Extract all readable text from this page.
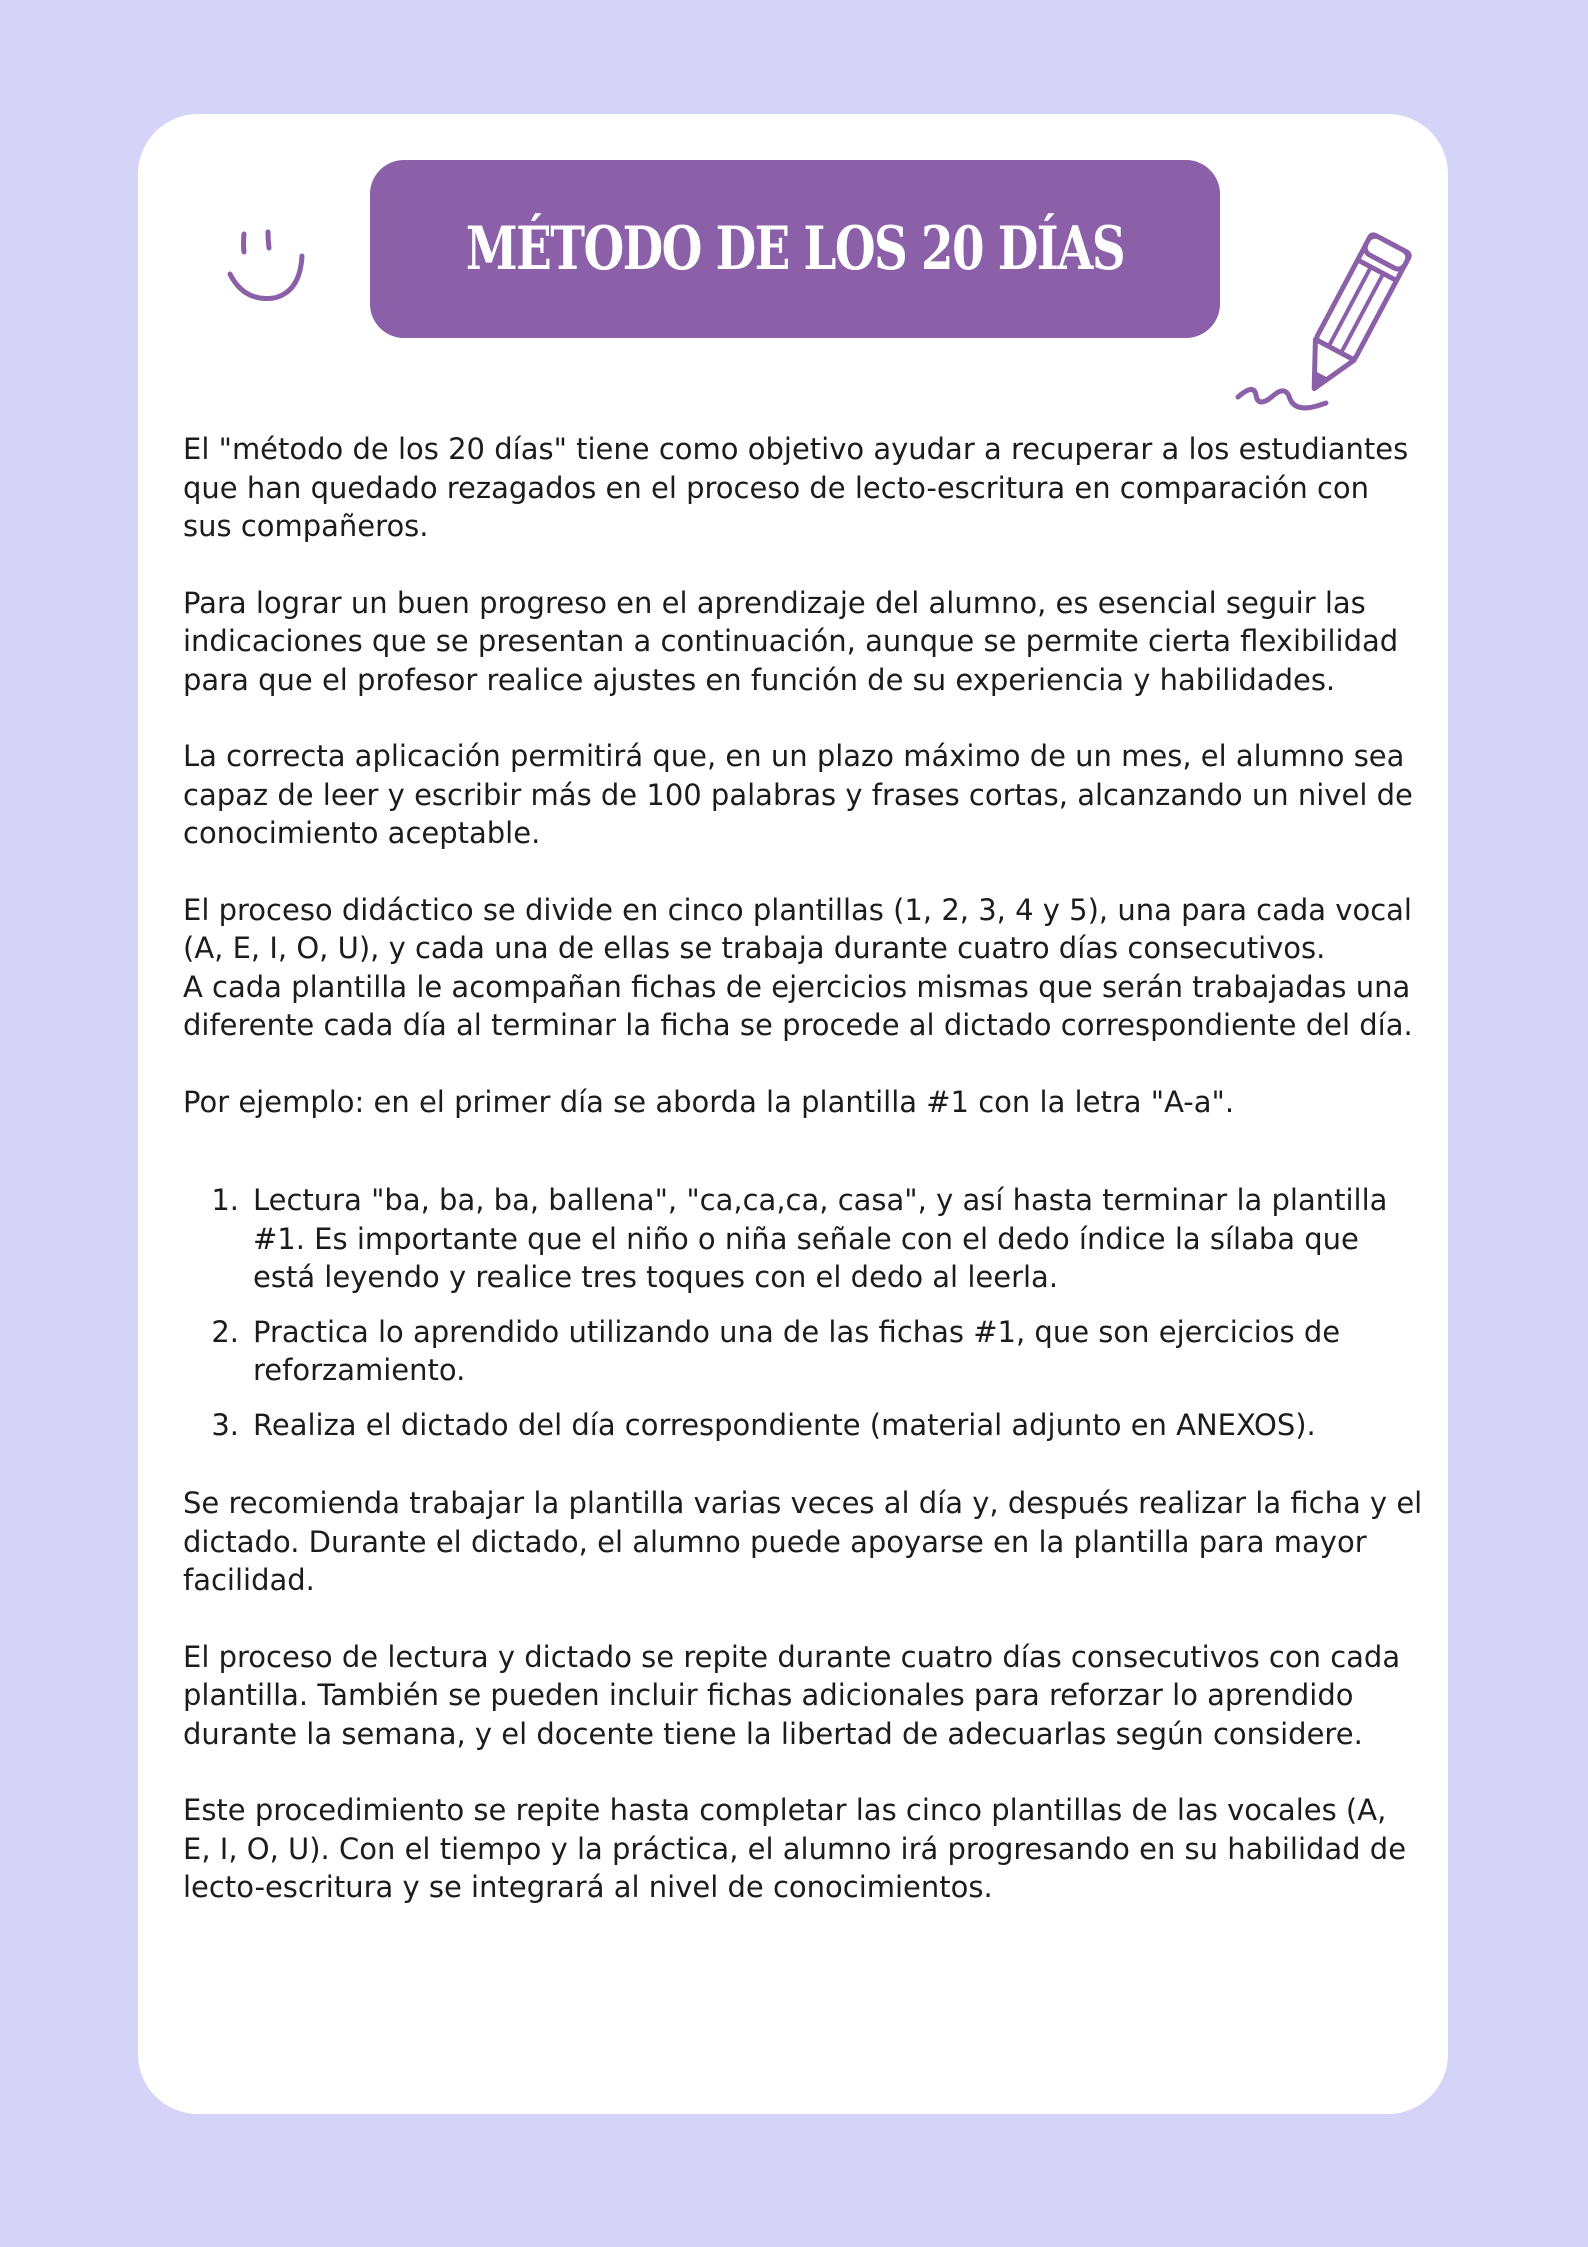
MÉTODO DE LOS 20 DÍAS

El "método de los 20 días" tiene como objetivo ayudar a recuperar a los estudiantes que han quedado rezagados en el proceso de lecto-escritura en comparación con sus compañeros.

Para lograr un buen progreso en el aprendizaje del alumno, es esencial seguir las indicaciones que se presentan a continuación, aunque se permite cierta flexibilidad para que el profesor realice ajustes en función de su experiencia y habilidades.

La correcta aplicación permitirá que, en un plazo máximo de un mes, el alumno sea capaz de leer y escribir más de 100 palabras y frases cortas, alcanzando un nivel de conocimiento aceptable.

El proceso didáctico se divide en cinco plantillas (1, 2, 3, 4 y 5), una para cada vocal (A, E, I, O, U), y cada una de ellas se trabaja durante cuatro días consecutivos.

A cada plantilla le acompañan fichas de ejercicios mismas que serán trabajadas una diferente cada día al terminar la ficha se procede al dictado correspondiente del día.

Por ejemplo: en el primer día se aborda la plantilla #1 con la letra "A-a".

1. Lectura "ba, ba, ba, ballena", "ca,ca,ca, casa", y así hasta terminar la plantilla #1. Es importante que el niño o niña señale con el dedo índice la sílaba que está leyendo y realice tres toques con el dedo al leerla.
2. Practica lo aprendido utilizando una de las fichas #1, que son ejercicios de reforzamiento.
3. Realiza el dictado del día correspondiente (material adjunto en ANEXOS).

Se recomienda trabajar la plantilla varias veces al día y, después realizar la ficha y el dictado. Durante el dictado, el alumno puede apoyarse en la plantilla para mayor facilidad.

El proceso de lectura y dictado se repite durante cuatro días consecutivos con cada plantilla. También se pueden incluir fichas adicionales para reforzar lo aprendido durante la semana, y el docente tiene la libertad de adecuarlas según considere.

Este procedimiento se repite hasta completar las cinco plantillas de las vocales (A, E, I, O, U). Con el tiempo y la práctica, el alumno irá progresando en su habilidad de lecto-escritura y se integrará al nivel de conocimientos.
